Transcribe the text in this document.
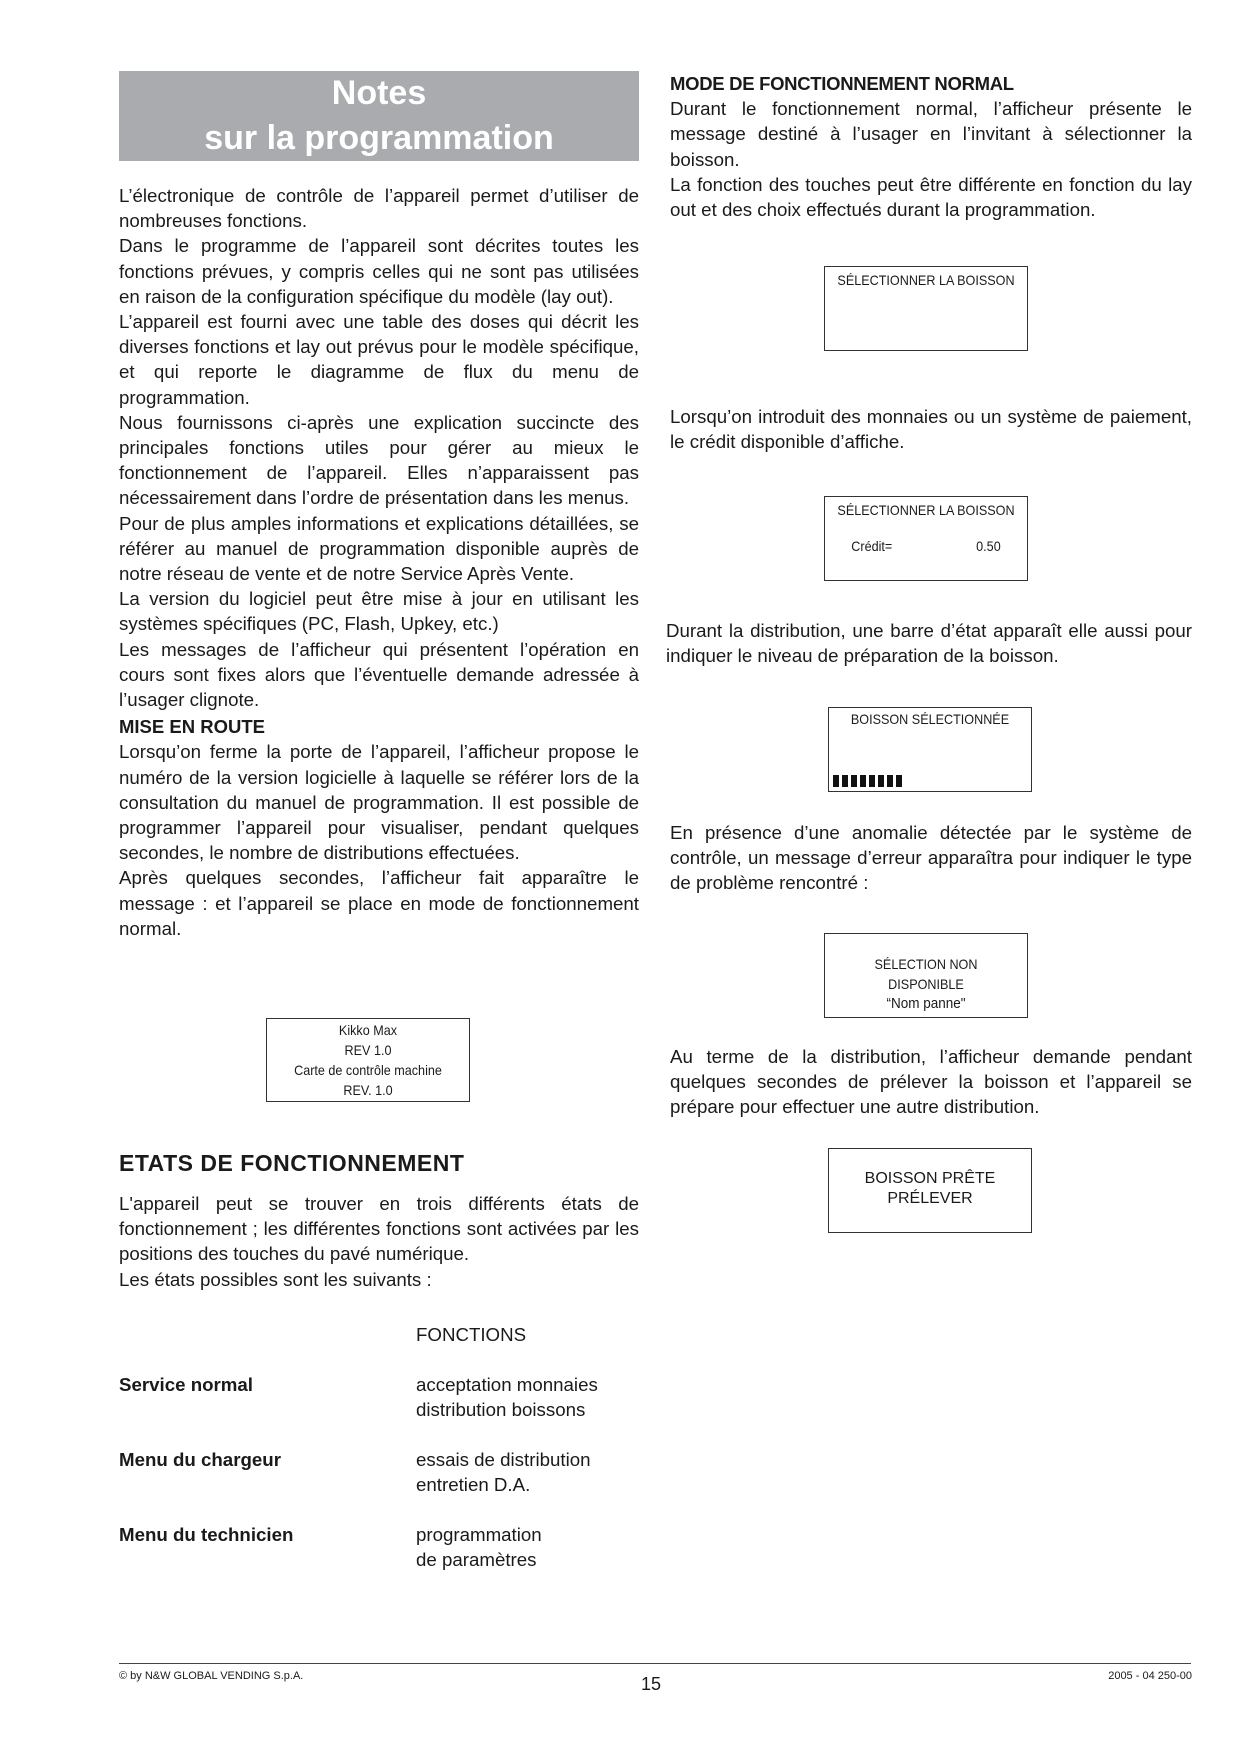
Notes
sur la programmation

L’électronique de contrôle de l’appareil permet d’utiliser de nombreuses fonctions.

Dans le programme de l’appareil sont décrites toutes les fonctions prévues, y compris celles qui ne sont pas utilisées en raison de la configuration spécifique du modèle (lay out).

L’appareil est fourni avec une table des doses qui décrit les diverses fonctions et lay out prévus pour le modèle spécifique, et qui reporte le diagramme de flux du menu de programmation.

Nous fournissons ci-après une explication succincte des principales fonctions utiles pour gérer au mieux le fonctionnement de l’appareil. Elles n’apparaissent pas nécessairement dans l’ordre de présentation dans les menus.

Pour de plus amples informations et explications détaillées, se référer au manuel de programmation disponible auprès de notre réseau de vente et de notre Service Après Vente.

La version du logiciel peut être mise à jour en utilisant les systèmes spécifiques (PC, Flash, Upkey, etc.)

Les messages de l’afficheur qui présentent l’opération en cours sont fixes alors que l’éventuelle demande adressée à l’usager clignote.

MISE EN ROUTE

Lorsqu’on ferme la porte de l’appareil, l’afficheur propose le numéro de la version logicielle à laquelle se référer lors de la consultation du manuel de programmation. Il est possible de programmer l’appareil pour visualiser, pendant quelques secondes, le nombre de distributions effectuées.

Après quelques secondes, l’afficheur fait apparaître le message : et l’appareil se place en mode de fonctionnement normal.

Kikko Max
REV 1.0
Carte de contrôle machine
REV. 1.0
ETATS DE FONCTIONNEMENT

L'appareil peut se trouver en trois différents états de fonctionnement ; les différentes fonctions sont activées par les positions des touches du pavé numérique.

Les états possibles sont les suivants :

FONCTIONS
Service normal	acceptation monnaies
distribution boissons
Menu du chargeur	essais de distribution
entretien D.A.
Menu du technicien	programmation
de paramètres
MODE DE FONCTIONNEMENT NORMAL

Durant le fonctionnement normal, l’afficheur présente le message destiné à l’usager en l’invitant à sélectionner la boisson.

La fonction des touches peut être différente en fonction du lay out et des choix effectués durant la programmation.

SÉLECTIONNER LA BOISSON

Lorsqu’on introduit des monnaies ou un système de paiement, le crédit disponible d’affiche.

SÉLECTIONNER LA BOISSON
Crédit=	0.50

Durant la distribution, une barre d’état apparaît elle aussi pour indiquer le niveau de préparation de la boisson.

BOISSON SÉLECTIONNÉE

En présence d’une anomalie détectée par le système de contrôle, un message d’erreur apparaîtra pour indiquer le type de problème rencontré :

SÉLECTION NON DISPONIBLE
“Nom panne"

Au terme de la distribution, l’afficheur demande pendant quelques secondes de prélever la boisson et l’appareil se prépare pour effectuer une autre distribution.

BOISSON PRÊTE
PRÉLEVER
© by N&W GLOBAL VENDING S.p.A.	15	2005 - 04 250-00
